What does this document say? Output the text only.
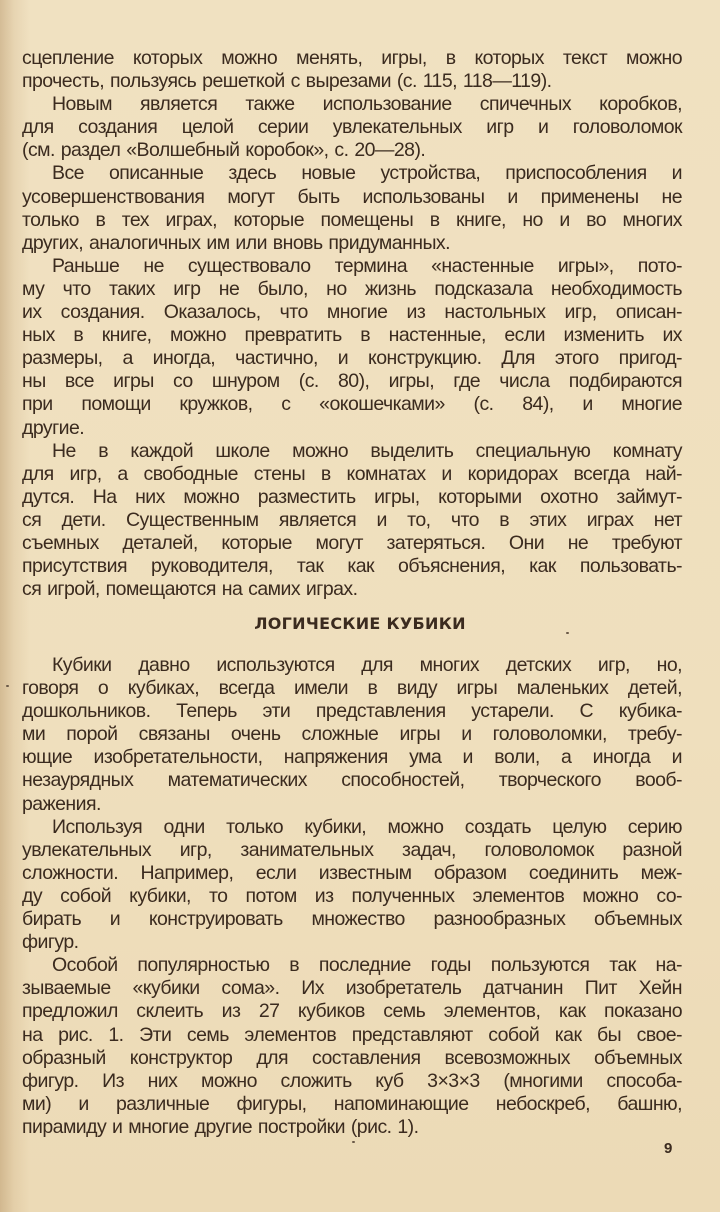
сцепление которых можно менять, игры, в которых текст можно
прочесть, пользуясь решеткой с вырезами (с. 115, 118—119).
Новым является также использование спичечных коробков,
для создания целой серии увлекательных игр и головоломок
(см. раздел «Волшебный коробок», с. 20—28).
Все описанные здесь новые устройства, приспособления и
усовершенствования могут быть использованы и применены не
только в тех играх, которые помещены в книге, но и во многих
других, аналогичных им или вновь придуманных.
Раньше не существовало термина «настенные игры», пото-
му что таких игр не было, но жизнь подсказала необходимость
их создания. Оказалось, что многие из настольных игр, описан-
ных в книге, можно превратить в настенные, если изменить их
размеры, а иногда, частично, и конструкцию. Для этого пригод-
ны все игры со шнуром (с. 80), игры, где числа подбираются
при помощи кружков, с «окошечками» (с. 84), и многие
другие.
Не в каждой школе можно выделить специальную комнату
для игр, а свободные стены в комнатах и коридорах всегда най-
дутся. На них можно разместить игры, которыми охотно займут-
ся дети. Существенным является и то, что в этих играх нет
съемных деталей, которые могут затеряться. Они не требуют
присутствия руководителя, так как объяснения, как пользовать-
ся игрой, помещаются на самих играх.
ЛОГИЧЕСКИЕ КУБИКИ
Кубики давно используются для многих детских игр, но,
говоря о кубиках, всегда имели в виду игры маленьких детей,
дошкольников. Теперь эти представления устарели. С кубика-
ми порой связаны очень сложные игры и головоломки, требу-
ющие изобретательности, напряжения ума и воли, а иногда и
незаурядных математических способностей, творческого вооб-
ражения.
Используя одни только кубики, можно создать целую серию
увлекательных игр, занимательных задач, головоломок разной
сложности. Например, если известным образом соединить меж-
ду собой кубики, то потом из полученных элементов можно со-
бирать и конструировать множество разнообразных объемных
фигур.
Особой популярностью в последние годы пользуются так на-
зываемые «кубики сома». Их изобретатель датчанин Пит Хейн
предложил склеить из 27 кубиков семь элементов, как показано
на рис. 1. Эти семь элементов представляют собой как бы свое-
образный конструктор для составления всевозможных объемных
фигур. Из них можно сложить куб 3×3×3 (многими способа-
ми) и различные фигуры, напоминающие небоскреб, башню,
пирамиду и многие другие постройки (рис. 1).
9
